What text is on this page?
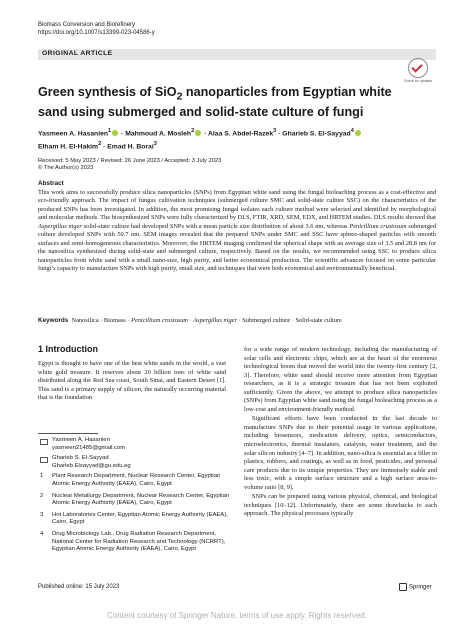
Biomass Conversion and Biorefinery
https://doi.org/10.1007/s13399-023-04586-y
ORIGINAL ARTICLE
Check for updates
Green synthesis of SiO$_2$ nanoparticles from Egyptian white sand using submerged and solid-state culture of fungi
Yasmeen A. Hasanien$^1$ · Mahmoud A. Mosleh$^2$ · Alaa S. Abdel-Razek$^3$ · Gharieb S. El-Sayyad$^4$
Elham H. El-Hakim$^2$ · Emad H. Borai$^3$
Received: 5 May 2023 / Revised: 26 June 2023 / Accepted: 3 July 2023
© The Author(s) 2023
Abstract
This work aims to successfully produce silica nanoparticles (SNPs) from Egyptian white sand using the fungal bioleaching process as a cost-effective and eco-friendly approach. The impact of fungus cultivation techniques (submerged culture SMC and solid-state culture SSC) on the characteristics of the produced SNPs has been investigated. In addition, the most promising fungal isolates each culture method were selected and identified by morphological and molecular methods. The biosynthesized SNPs were fully characterized by DLS, FTIR, XRD, SEM, EDX, and HRTEM studies. DLS results showed that Aspergillus niger solid-state culture had developed SNPs with a mean particle size distribution of about 3.6 nm, whereas Penicillium crustosum submerged culture developed SNPs with 50.7 nm. SEM images revealed that the prepared SNPs under SMC and SSC have sphere-shaped particles with smooth surfaces and semi-homogeneous characteristics. Moreover, the HRTEM imaging confirmed the spherical shape with an average size of 3.5 and 28.8 nm for the nanosilica synthesized during solid-state and submerged culture, respectively. Based on the results, we recommended using SSC to produce silica nanoparticles from white sand with a small nano-size, high purity, and better economical production. The scientific advances focused on some particular fungi’s capacity to manufacture SNPs with high purity, small size, and techniques that were both economical and environmentally beneficial.
Keywords Nanosilica · Biomass · Penicillium crustosum · Aspergillus niger · Submerged culture · Solid-state culture
1 Introduction
Egypt is thought to have one of the best white sands in the world, a vast white gold treasure. It reserves about 20 billion tons of white sand distributed along the Red Sea coast, South Sinai, and Eastern Desert [1]. This sand is a primary supply of silicon, the naturally occurring material that is the foundation
Yasmeen A. Hasanien
yasmeen21485@gmail.com
Gharieb S. El-Sayyad
Gharieb.Elsayyad@gu.edu.eg
1 Plant Research Department, Nuclear Research Center, Egyptian Atomic Energy Authority (EAEA), Cairo, Egypt
2 Nuclear Metallurgy Department, Nuclear Research Center, Egyptian Atomic Energy Authority (EAEA), Cairo, Egypt
3 Hot Laboratories Center, Egyptian Atomic Energy Authority (EAEA), Cairo, Egypt
4 Drug Microbiology Lab., Drug Radiation Research Department, National Center for Radiation Research and Technology (NCRRT), Egyptian Atomic Energy Authority (EAEA), Cairo, Egypt

for a wide range of modern technology, including the manufacturing of solar cells and electronic chips, which are at the heart of the enormous technological boom that moved the world into the twenty-first century [2, 3]. Therefore, white sand should receive more attention from Egyptian researchers, as it is a strategic treasure that has not been exploited sufficiently. Given the above, we attempt to produce silica nanoparticles (SNPs) from Egyptian white sand using the fungal bioleaching process as a low-cost and environment-friendly method.

Significant efforts have been conducted in the last decade to manufacture SNPs due to their potential usage in various applications, including biosensors, medication delivery, optics, semiconductors, microelectronics, thermal insulators, catalysts, water treatment, and the solar silicon industry [4–7]. In addition, nano-silica is essential as a filler in plastics, rubbers, and coatings, as well as in food, pesticides, and personal care products due to its unique properties. They are immensely stable and less toxic, with a simple surface structure and a high surface area-to-volume ratio [8, 9].

SNPs can be prepared using various physical, chemical, and biological techniques [10–12]. Unfortunately, there are some drawbacks to each approach. The physical processes typically

Published online: 15 July 2023	Springer
Content courtesy of Springer Nature, terms of use apply. Rights reserved.
